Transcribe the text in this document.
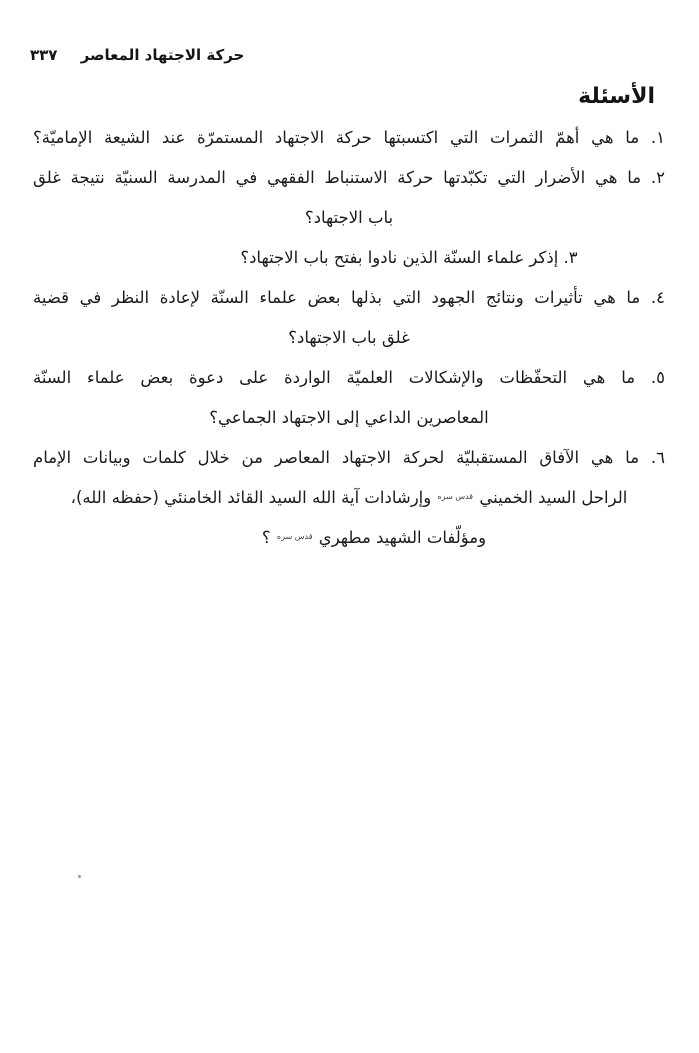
حركة الاجتهاد المعاصر ٣٣٧
الأسئلة
١. ما هي أهمّ الثمرات التي اكتسبتها حركة الاجتهاد المستمرّة عند الشيعة الإماميّة؟
٢. ما هي الأضرار التي تكبّدتها حركة الاستنباط الفقهي في المدرسة السنيّة نتيجة غلق
باب الاجتهاد؟
٣. إذكر علماء السنّة الذين نادوا بفتح باب الاجتهاد؟
٤. ما هي تأثيرات ونتائج الجهود التي بذلها بعض علماء السنّة لإعادة النظر في قضية
غلق باب الاجتهاد؟
٥. ما هي التحفّظات والإشكالات العلميّة الواردة على دعوة بعض علماء السنّة
المعاصرين الداعي إلى الاجتهاد الجماعي؟
٦. ما هي الآفاق المستقبليّة لحركة الاجتهاد المعاصر من خلال كلمات وبيانات الإمام
الراحل السيد الخميني قدس سره وإرشادات آية الله السيد القائد الخامنئي (حفظه الله)،
ومؤلّفات الشهيد مطهري قدس سره ؟
